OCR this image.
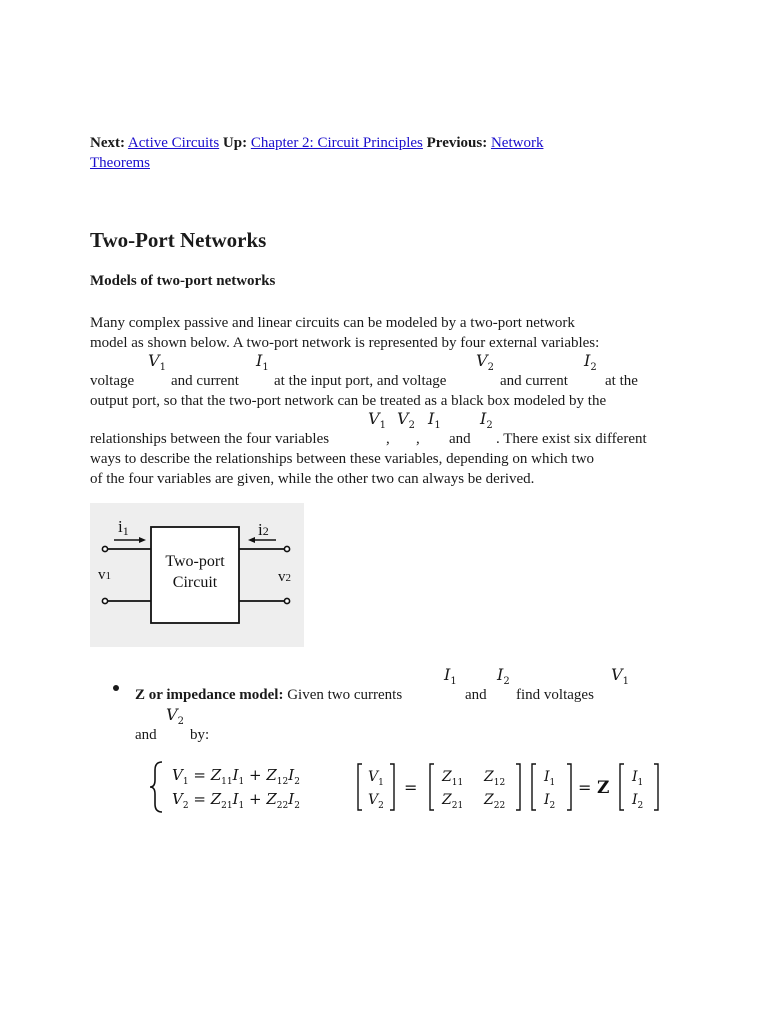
Next: Active Circuits Up: Chapter 2: Circuit Principles Previous: Network
Theorems
Two-Port Networks
Models of two-port networks
Many complex passive and linear circuits can be modeled by a two-port network
model as shown below. A two-port network is represented by four external variables:
voltage
$V_1$
and current
$I_1$
at the input port, and voltage
$V_2$
and current
$I_2$
at the
output port, so that the two-port network can be treated as a black box modeled by the
relationships between the four variables
$V_1$
,
$V_2$
,
$I_1$
and
$I_2$
. There exist six different
ways to describe the relationships between these variables, depending on which two
of the four variables are given, while the other two can always be derived.
i1	i2
v1	v2
Two-port
Circuit
Z or impedance model: Given two currents
$I_1$
and
$I_2$
find voltages
$V_1$
and
$V_2$
by:
$V_1 = Z_{11}I_1 + Z_{12}I_2$
$V_2 = Z_{21}I_1 + Z_{22}I_2$
$V_1$
$V_2$
=
$Z_{11}$ $Z_{12}$
$Z_{21}$ $Z_{22}$
$I_1$
$I_2$
= Z
$I_1$
$I_2$
